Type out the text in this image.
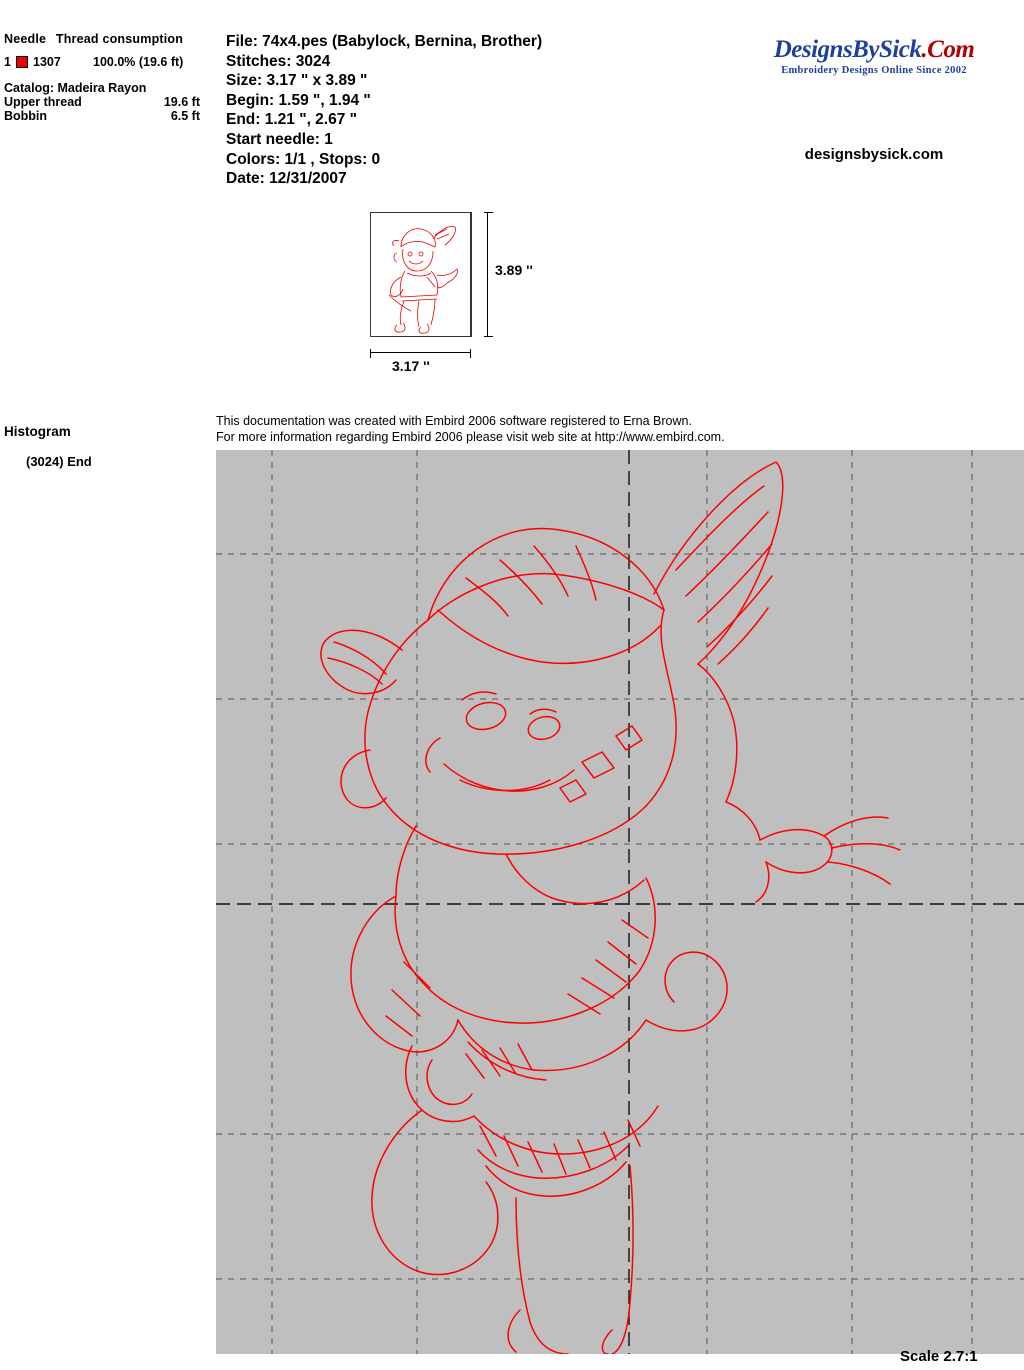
Needle Thread consumption
1	1307	100.0% (19.6 ft)
Catalog: Madeira Rayon
Upper thread	19.6 ft
Bobbin	6.5 ft
File: 74x4.pes (Babylock, Bernina, Brother)
Stitches: 3024
Size: 3.17 " x 3.89 "
Begin: 1.59 ", 1.94 "
End: 1.21 ", 2.67 "
Start needle: 1
Colors: 1/1 , Stops: 0
Date: 12/31/2007
DesignsBySick.Com
Embroidery Designs Online Since 2002
designsbysick.com
3.89 ''
3.17 ''
Histogram
(3024) End
This documentation was created with Embird 2006 software registered to Erna Brown.
For more information regarding Embird 2006 please visit web site at http://www.embird.com.
Scale 2.7:1
